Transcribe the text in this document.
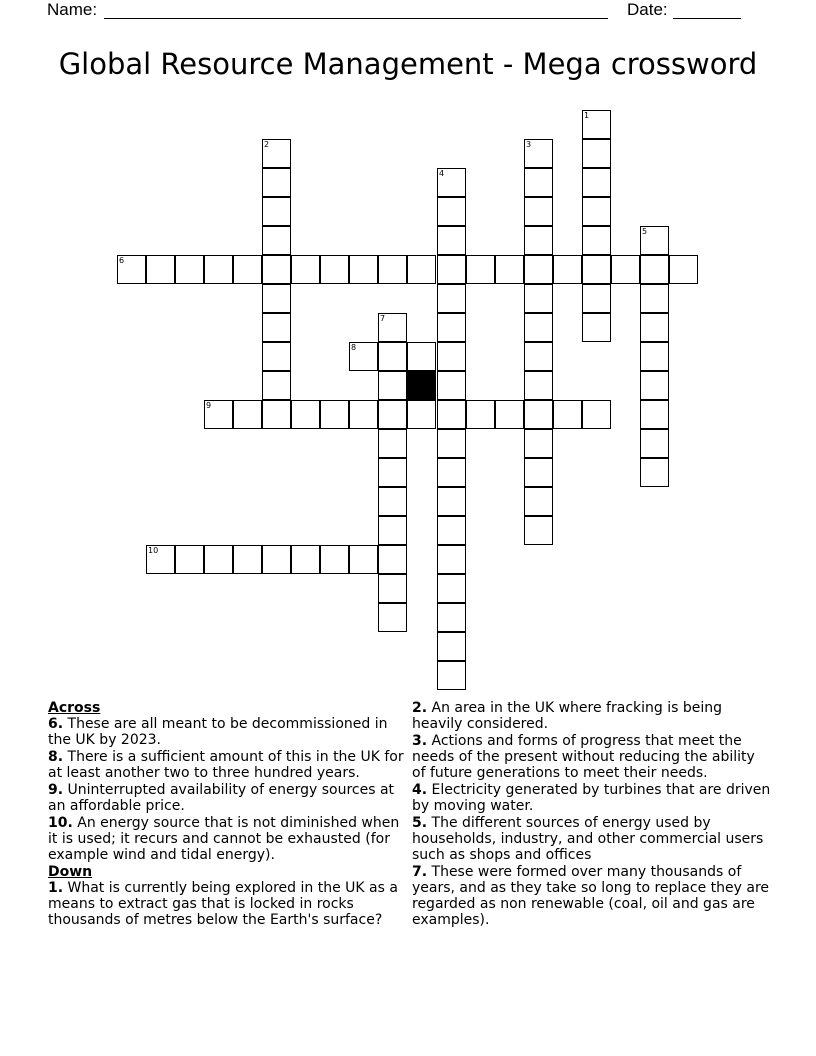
Name:	Date:
Global Resource Management - Mega crossword
1
2	3
4
5
6
7
8
9
10
Across
6. These are all meant to be decommissioned in the UK by 2023.
8. There is a sufficient amount of this in the UK for at least another two to three hundred years.
9. Uninterrupted availability of energy sources at an affordable price.
10. An energy source that is not diminished when it is used; it recurs and cannot be exhausted (for example wind and tidal energy).
Down
1. What is currently being explored in the UK as a means to extract gas that is locked in rocks thousands of metres below the Earth's surface?
2. An area in the UK where fracking is being heavily considered.
3. Actions and forms of progress that meet the needs of the present without reducing the ability of future generations to meet their needs.
4. Electricity generated by turbines that are driven by moving water.
5. The different sources of energy used by households, industry, and other commercial users such as shops and offices
7. These were formed over many thousands of years, and as they take so long to replace they are regarded as non renewable (coal, oil and gas are examples).
